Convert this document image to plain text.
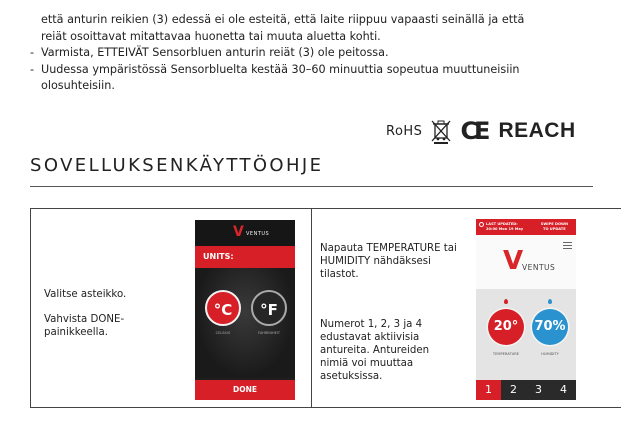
että anturin reikien (3) edessä ei ole esteitä, että laite riippuu vapaasti seinällä ja että

reiät osoittavat mitattavaa huonetta tai muuta aluetta kohti.

- Varmista, ETTEIVÄT Sensorbluen anturin reiät (3) ole peitossa.
- Uudessa ympäristössä Sensorbluelta kestää 30–60 minuuttia sopeutua muuttuneisiin

olosuhteisiin.

RoHS CE REACH
SOVELLUKSENKÄYTTÖOHJE

Valitse asteikko.

Vahvista DONE-
painikkeella.
V VENTUS
UNITS:
°C	°F
CELSIUS	FAHRENHEIT
DONE
Napauta TEMPERATURE tai
HUMIDITY nähdäksesi
tilastot.
Numerot 1, 2, 3 ja 4
edustavat aktiivisia
antureita. Antureiden
nimiä voi muuttaa
asetuksissa.
LAST UPDATED:
20:00 Mon 19 May
SWIPE DOWN
TO UPDATE
V
VENTUS
20°	70%
TEMPERATURE	HUMIDITY
1	2	3	4
